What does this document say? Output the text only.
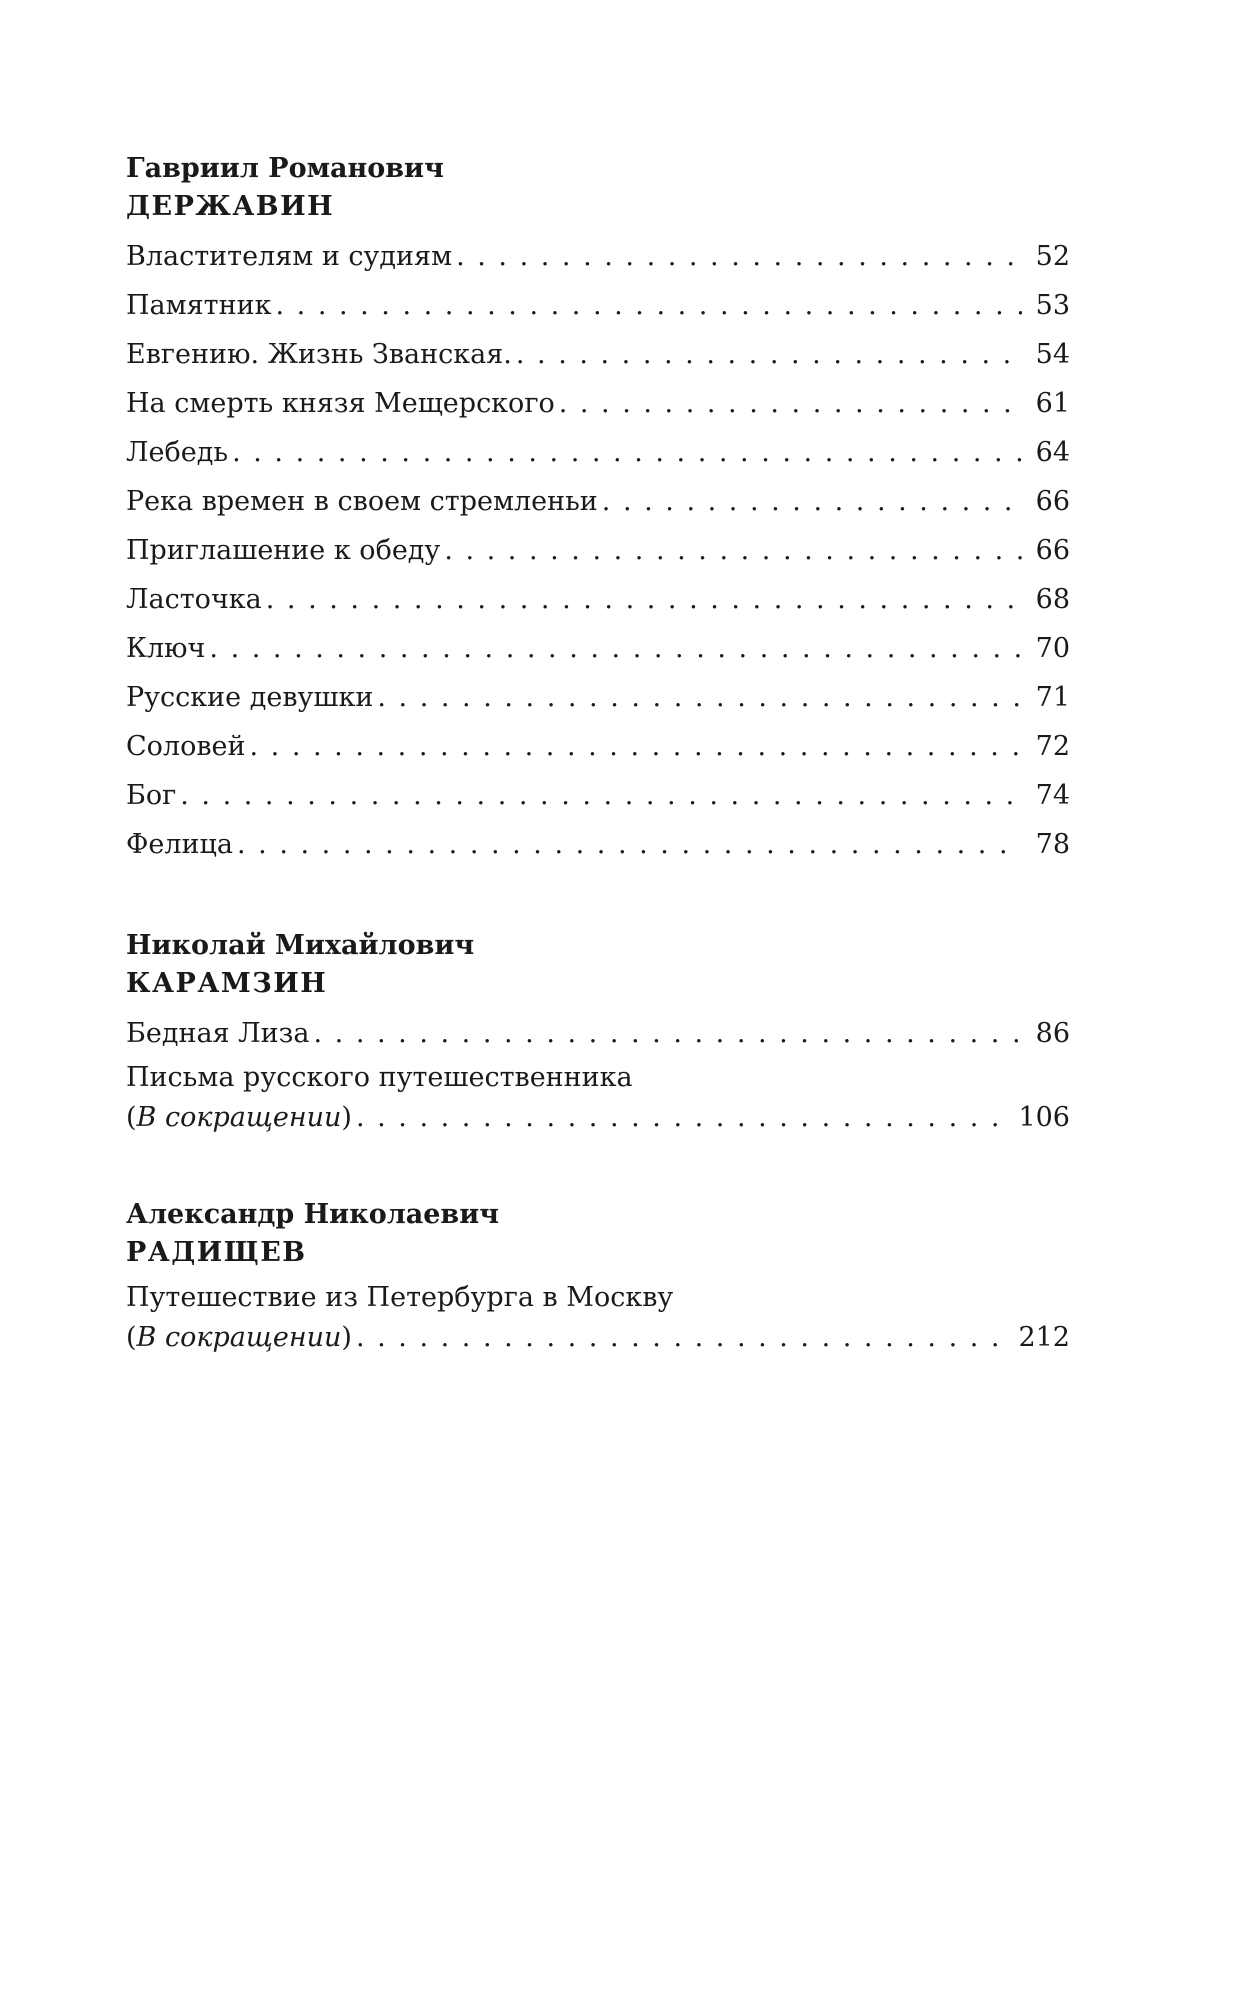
Гавриил Романович
ДЕРЖАВИН
Властителям и судиям . . .	52
Памятник . . .	53
Евгению. Жизнь Званская. . . .	54
На смерть князя Мещерского . . .	61
Лебедь . . .	64
Река времен в своем стремленьи . . .	66
Приглашение к обеду . . .	66
Ласточка . . .	68
Ключ . . .	70
Русские девушки . . .	71
Соловей . . .	72
Бог . . .	74
Фелица . . .	78
Николай Михайлович
КАРАМЗИН
Бедная Лиза . . .	86
Письма русского путешественника
(В сокращении) . . .	106
Александр Николаевич
РАДИЩЕВ
Путешествие из Петербурга в Москву
(В сокращении) . . .	212
